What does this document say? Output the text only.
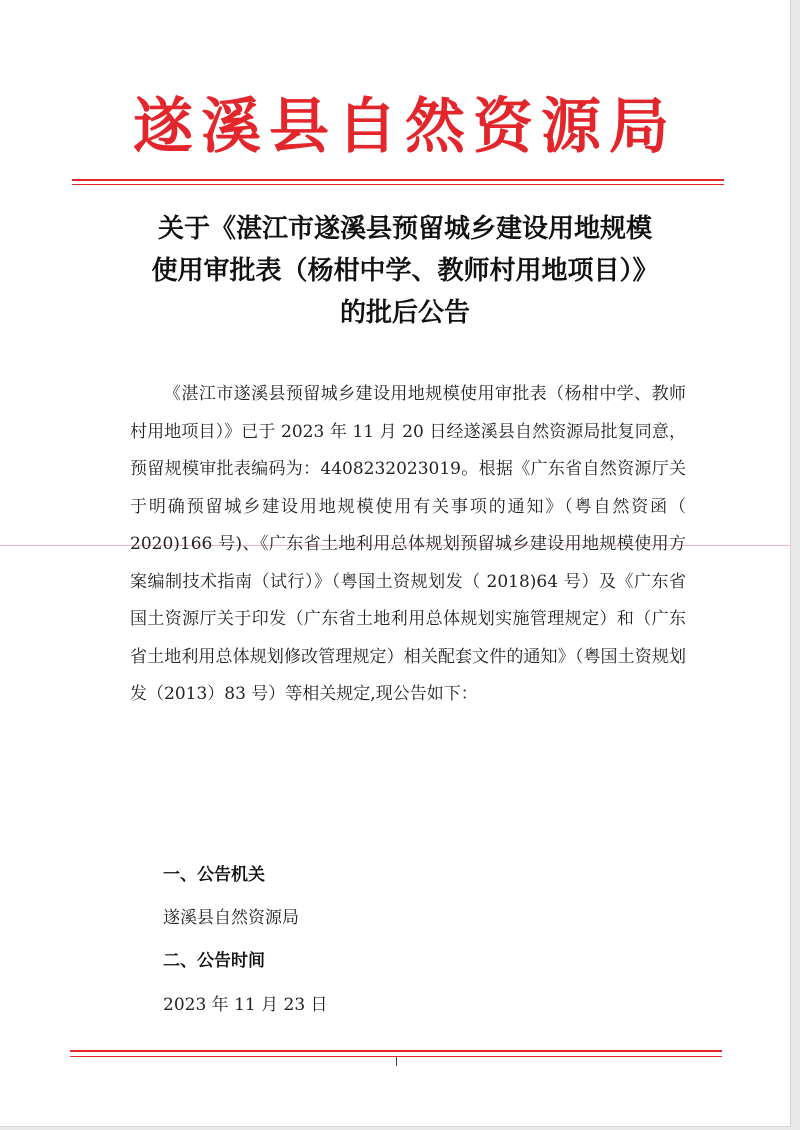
遂溪县自然资源局
关于《湛江市遂溪县预留城乡建设用地规模
使用审批表（杨柑中学、教师村用地项目）》
的批后公告

《湛江市遂溪县预留城乡建设用地规模使用审批表（杨柑中学、教师村用地项目）》已于 2023 年 11 月 20 日经遂溪县自然资源局批复同意，预留规模审批表编码为：4408232023019。根据《广东省自然资源厅关于明确预留城乡建设用地规模使用有关事项的通知》（粤自然资函（ 2020)166 号)、《广东省土地利用总体规划预留城乡建设用地规模使用方案编制技术指南（试行）》（粤国土资规划发（ 2018)64 号）及《广东省国土资源厅关于印发（广东省土地利用总体规划实施管理规定）和（广东省土地利用总体规划修改管理规定）相关配套文件的通知》（粤国土资规划发（2013）83 号）等相关规定,现公告如下：

一、公告机关
遂溪县自然资源局
二、公告时间
2023 年 11 月 23 日
